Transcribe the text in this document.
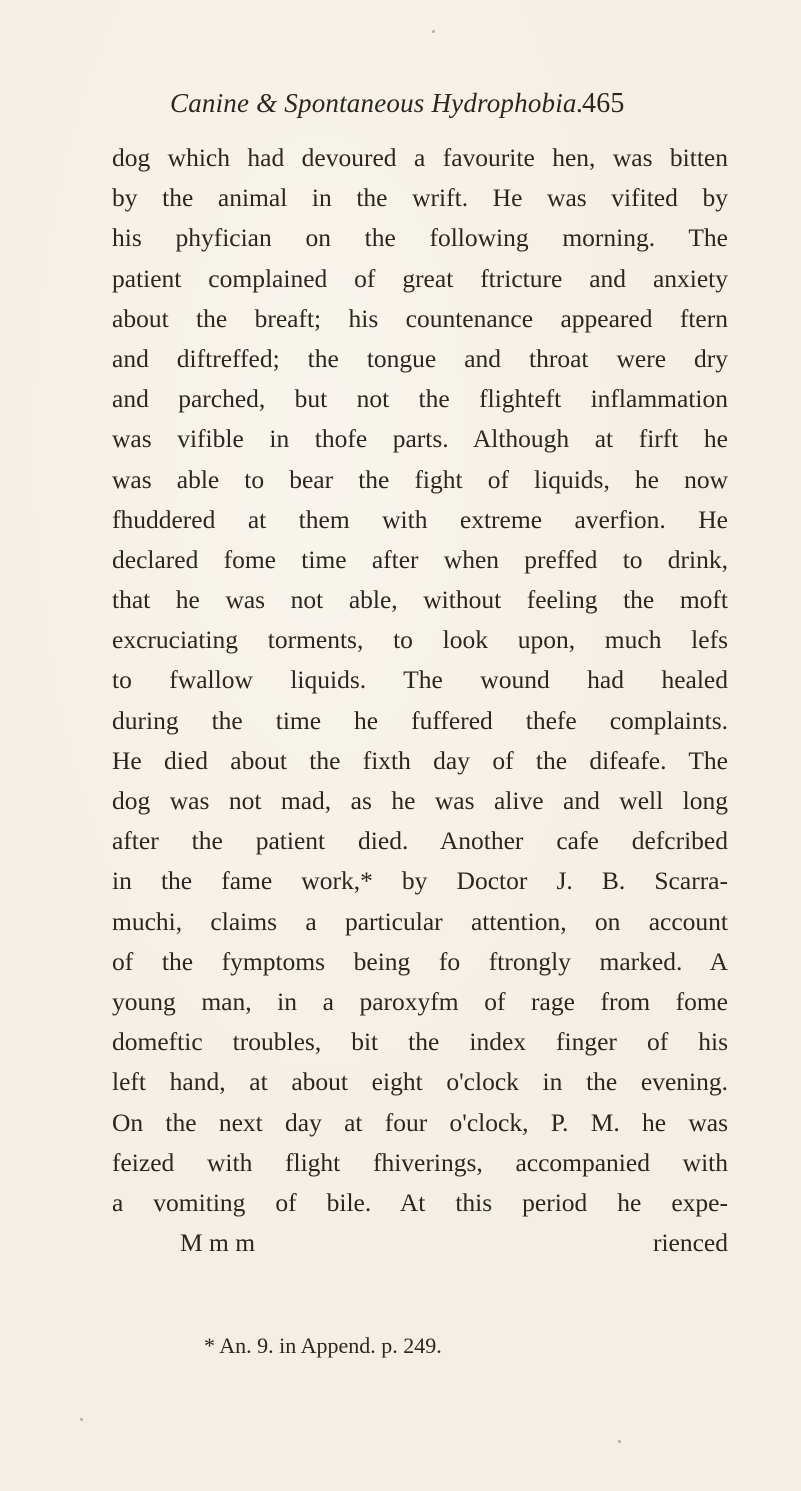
Canine & Spontaneous Hydrophobia.
465
dog which had devoured a favourite hen, was bitten
by the animal in the wrift. He was vifited by
his phyfician on the following morning. The
patient complained of great ftricture and anxiety
about the breaft; his countenance appeared ftern
and diftreffed; the tongue and throat were dry
and parched, but not the flighteft inflammation
was vifible in thofe parts. Although at firft he
was able to bear the fight of liquids, he now
fhuddered at them with extreme averfion. He
declared fome time after when preffed to drink,
that he was not able, without feeling the moft
excruciating torments, to look upon, much lefs
to fwallow liquids. The wound had healed
during the time he fuffered thefe complaints.
He died about the fixth day of the difeafe. The
dog was not mad, as he was alive and well long
after the patient died. Another cafe defcribed
in the fame work,* by Doctor J. B. Scarra-
muchi, claims a particular attention, on account
of the fymptoms being fo ftrongly marked. A
young man, in a paroxyfm of rage from fome
domeftic troubles, bit the index finger of his
left hand, at about eight o'clock in the evening.
On the next day at four o'clock, P. M. he was
feized with flight fhiverings, accompanied with
a vomiting of bile. At this period he expe-
M m m	rienced
* An. 9. in Append. p. 249.
